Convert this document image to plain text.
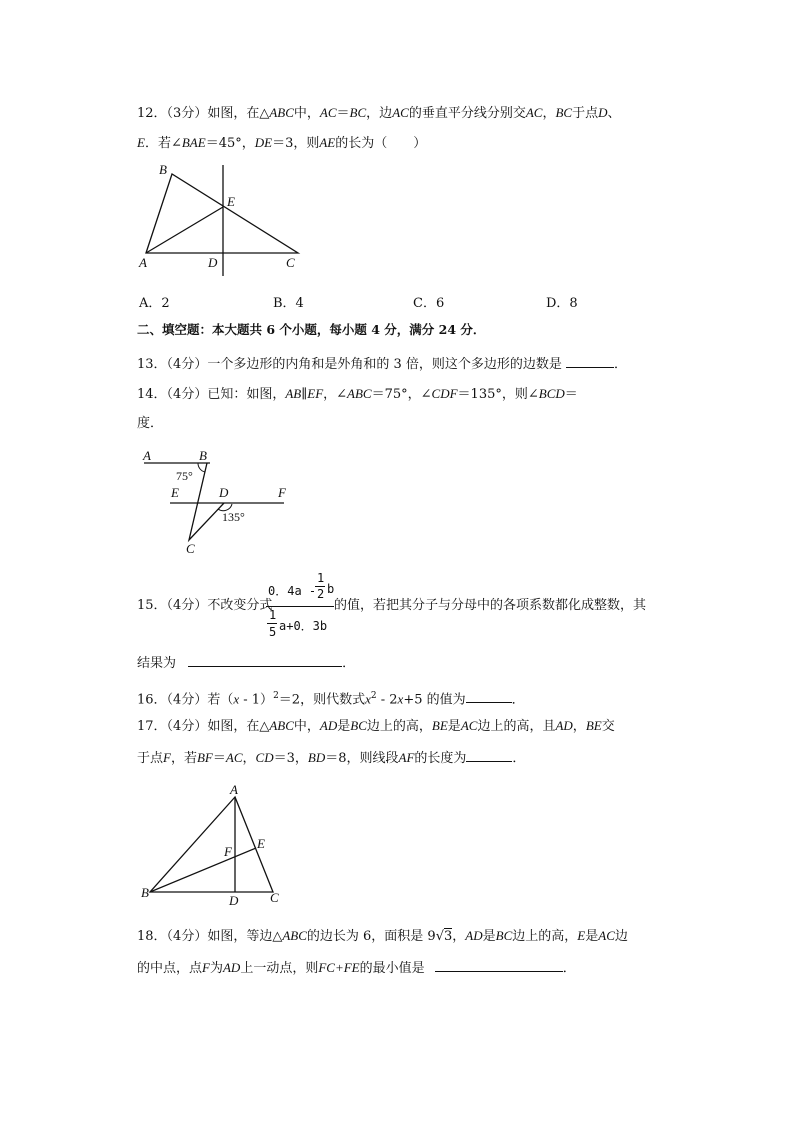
12．（3分）如图，在△ABC中，AC＝BC，边AC的垂直平分线分别交AC，BC于点D、
E．若∠BAE＝45°，DE＝3，则AE的长为（　　）
B
E
A	D	C
A．2	B．4	C．6	D．8
二、填空题：本大题共 6 个小题，每小题 4 分，满分 24 分．
13．（4分）一个多边形的内角和是外角和的 3 倍，则这个多边形的边数是	．
14．（4分）已知：如图，AB∥EF，∠ABC＝75°，∠CDF＝135°，则∠BCD＝
度．
A	B
E	D	F
C
75°
135°
15．（4分）不改变分式
0．4a -
1
2 b
1
5 a+0．3b
的值，若把其分子与分母中的各项系数都化成整数，其
结果为	．
16．（4分）若（x - 1）$^2$＝2，则代数式$x^2 - 2x+5$ 的值为	．
17．（4分）如图，在△ABC中，AD是BC边上的高，BE是AC边上的高，且AD，BE交
于点F，若BF＝AC，CD＝3，BD＝8，则线段AF的长度为	．
A
E
F
B
D C
18．（4分）如图，等边△ABC的边长为 6，面积是 9√3，AD是BC边上的高，E是AC边
的中点，点F为AD上一动点，则FC+FE的最小值是	．
